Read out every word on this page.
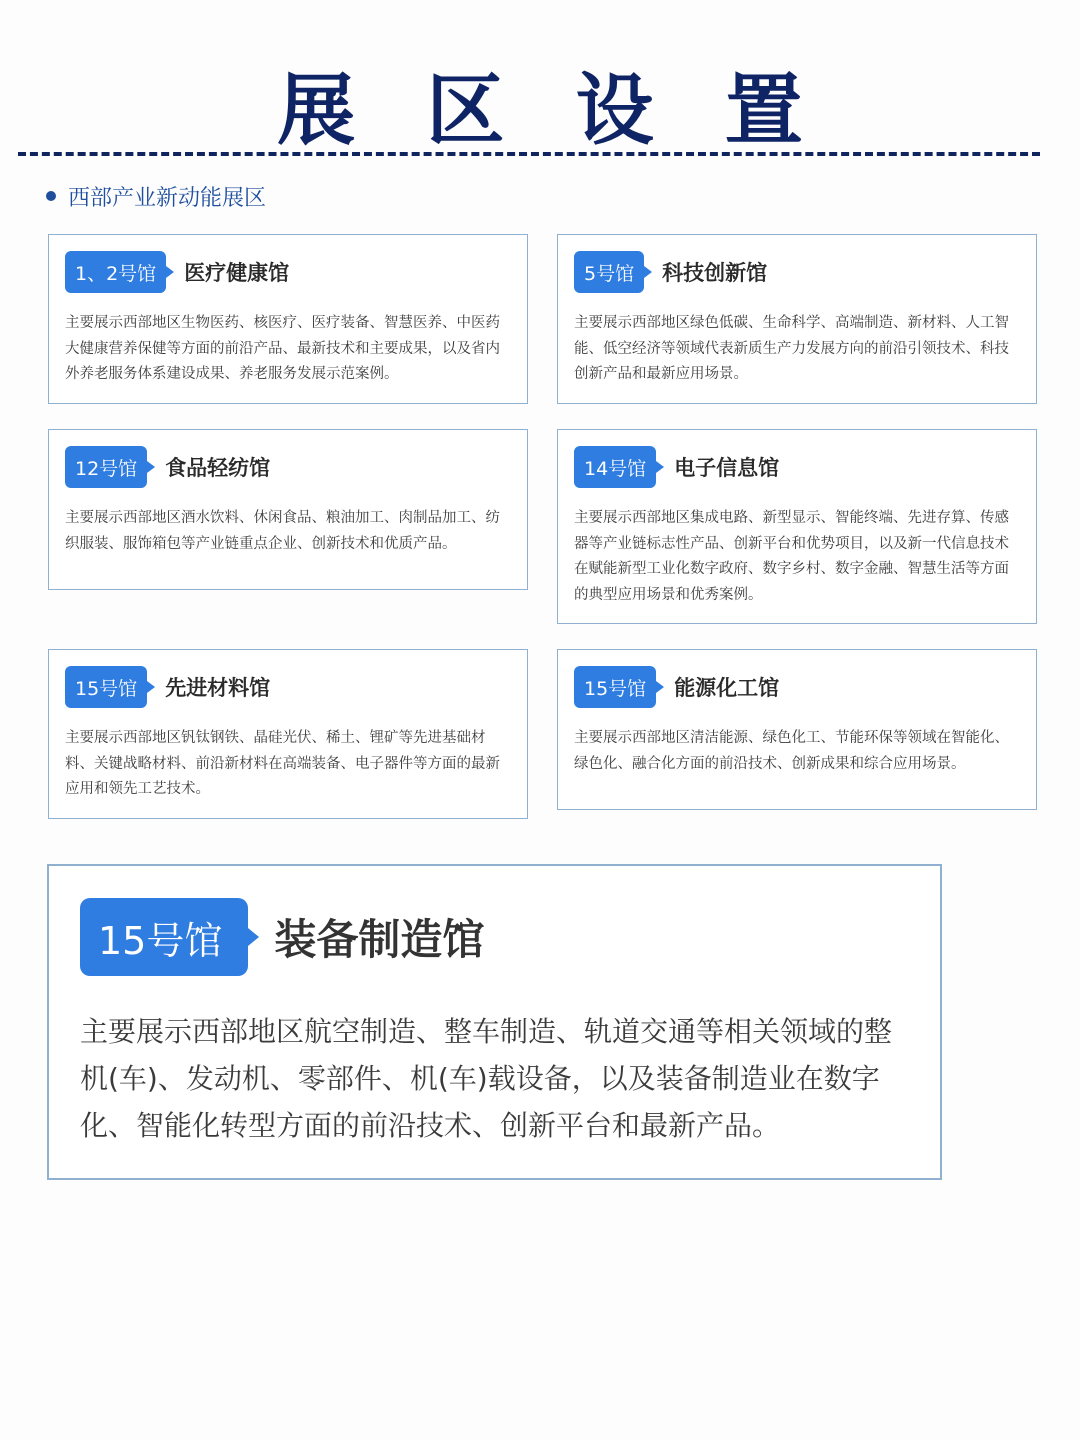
展 区 设 置
西部产业新动能展区
1、2号馆	医疗健康馆
主要展示西部地区生物医药、核医疗、医疗装备、智慧医养、中医药大健康营养保健等方面的前沿产品、最新技术和主要成果，以及省内外养老服务体系建设成果、养老服务发展示范案例。
5号馆	科技创新馆
主要展示西部地区绿色低碳、生命科学、高端制造、新材料、人工智能、低空经济等领域代表新质生产力发展方向的前沿引领技术、科技创新产品和最新应用场景。
12号馆	食品轻纺馆
主要展示西部地区酒水饮料、休闲食品、粮油加工、肉制品加工、纺织服装、服饰箱包等产业链重点企业、创新技术和优质产品。
14号馆	电子信息馆
主要展示西部地区集成电路、新型显示、智能终端、先进存算、传感器等产业链标志性产品、创新平台和优势项目，以及新一代信息技术在赋能新型工业化数字政府、数字乡村、数字金融、智慧生活等方面的典型应用场景和优秀案例。
15号馆	先进材料馆
主要展示西部地区钒钛钢铁、晶硅光伏、稀土、锂矿等先进基础材料、关键战略材料、前沿新材料在高端装备、电子器件等方面的最新应用和领先工艺技术。
15号馆	能源化工馆
主要展示西部地区清洁能源、绿色化工、节能环保等领域在智能化、绿色化、融合化方面的前沿技术、创新成果和综合应用场景。
15号馆	装备制造馆
主要展示西部地区航空制造、整车制造、轨道交通等相关领域的整机(车)、发动机、零部件、机(车)载设备，以及装备制造业在数字化、智能化转型方面的前沿技术、创新平台和最新产品。
